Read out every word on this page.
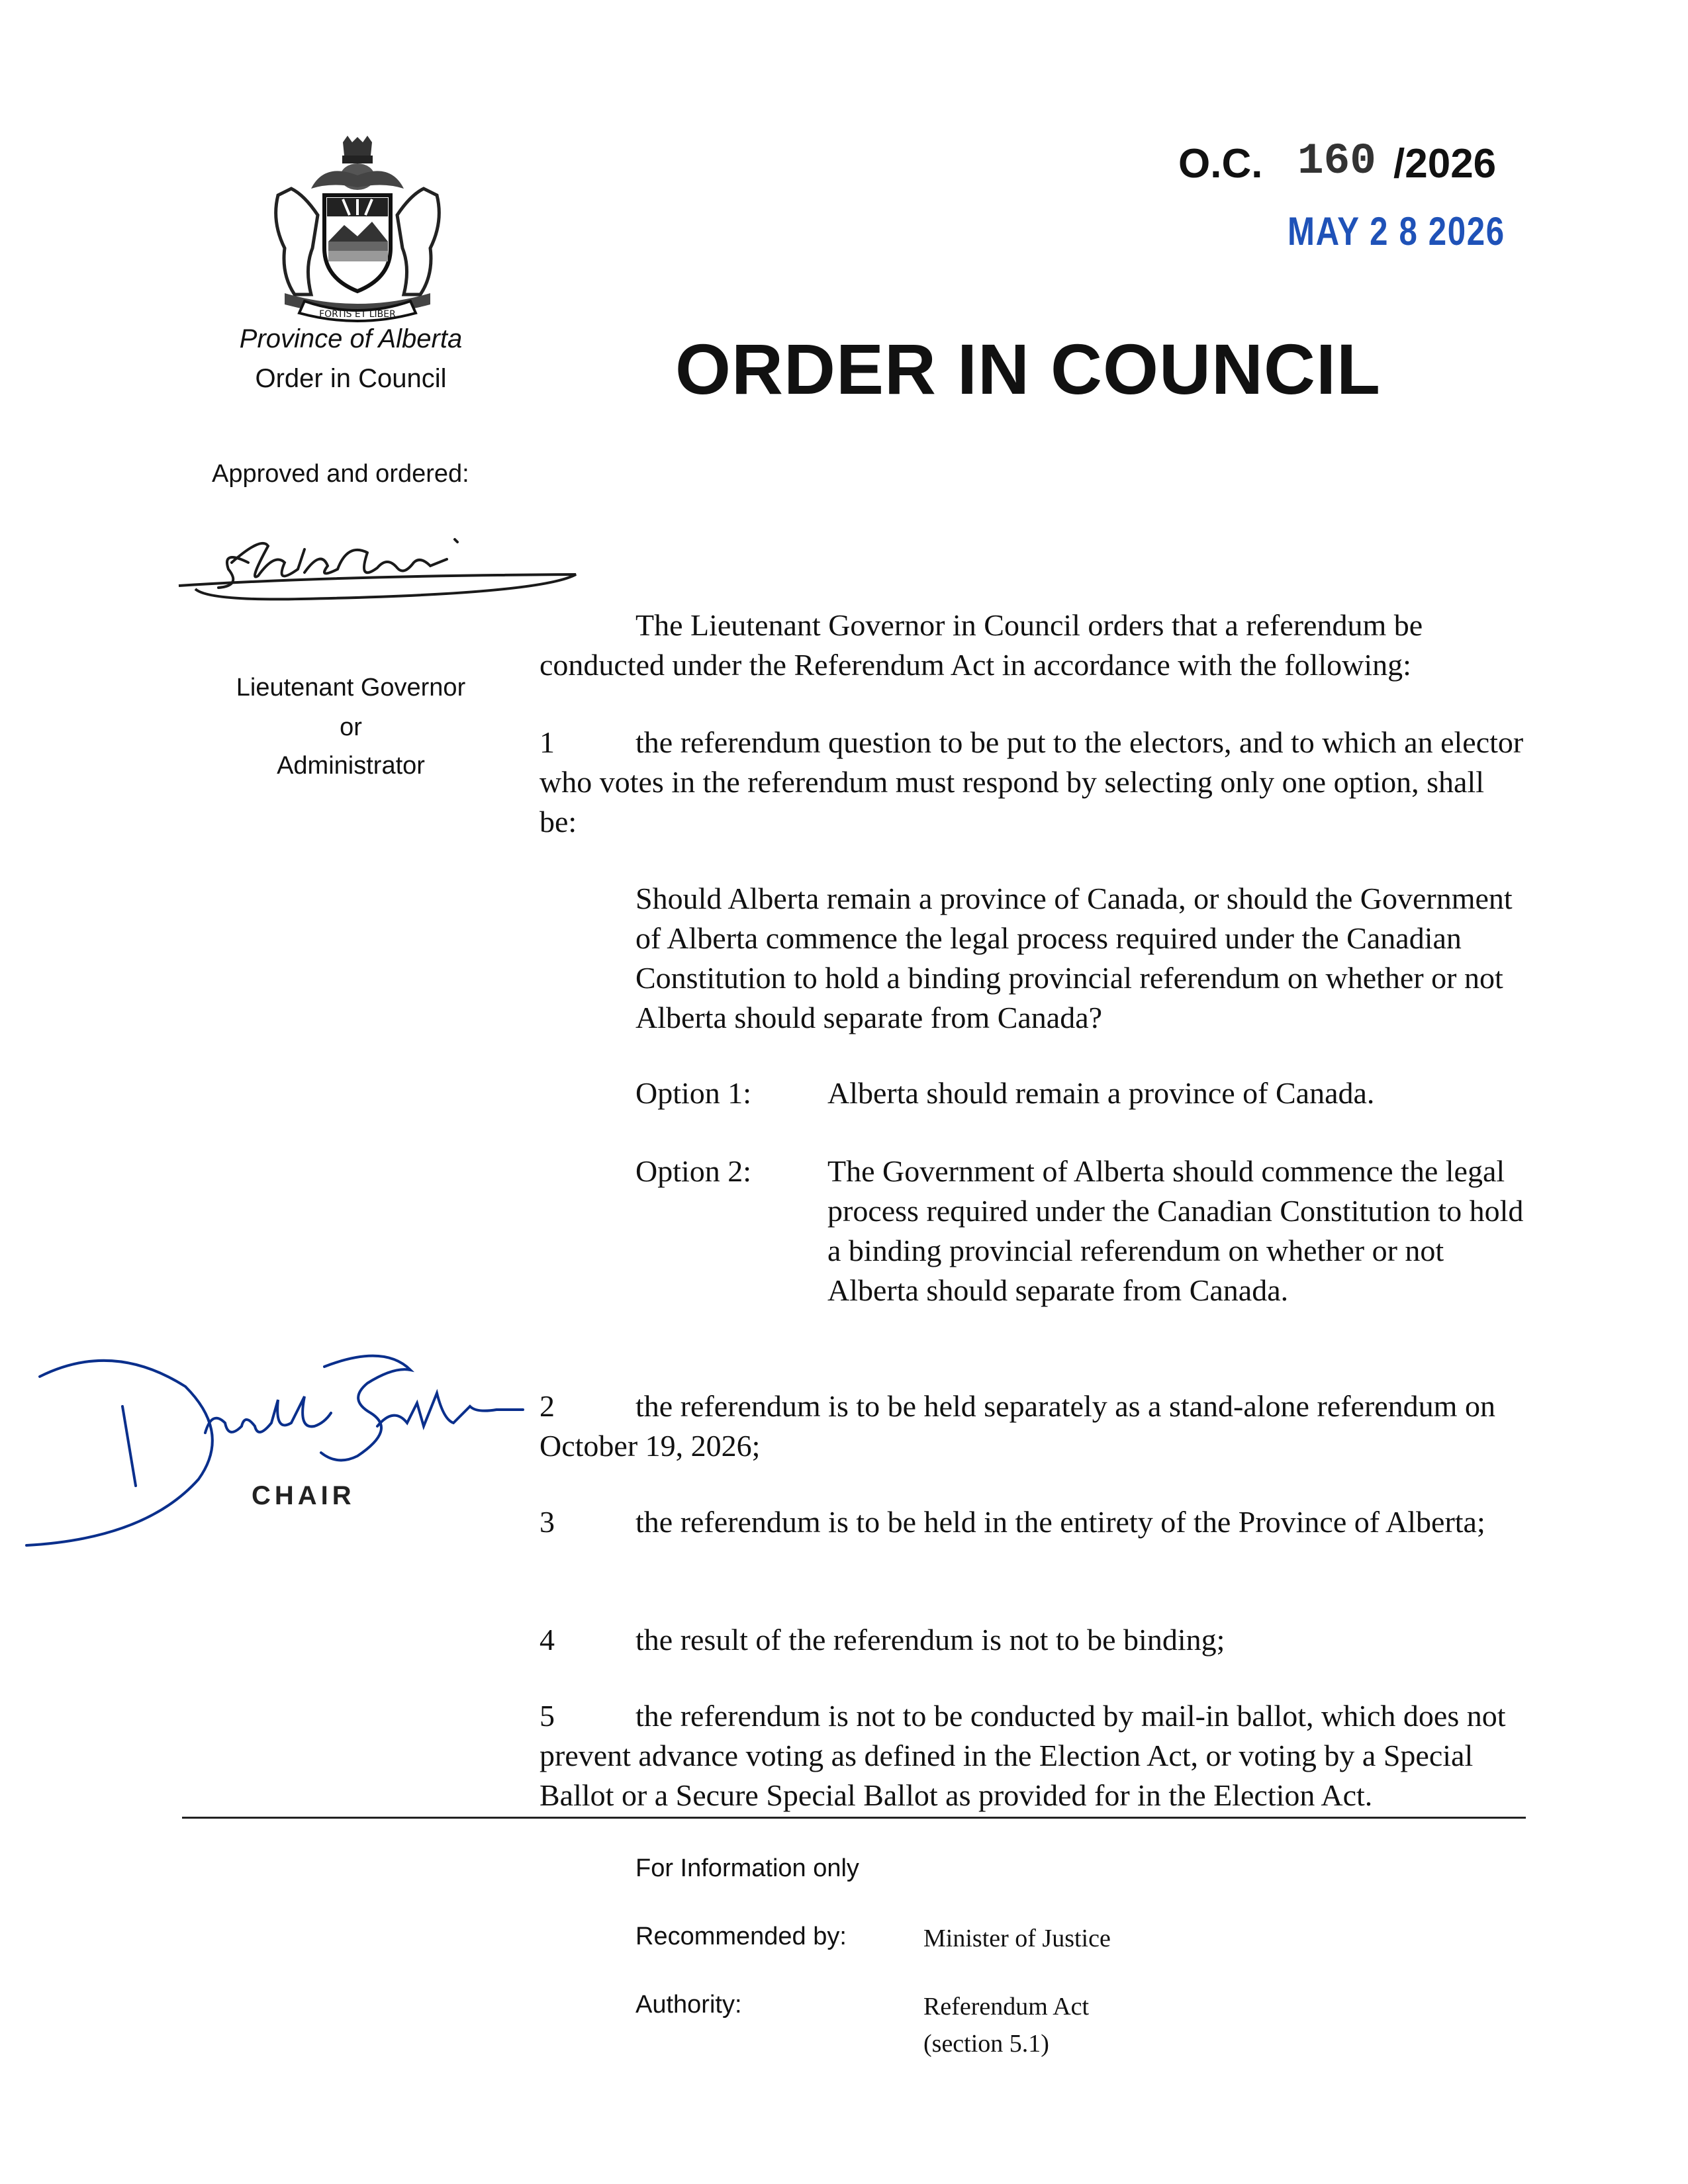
FORTIS ET LIBER
Province of Alberta
Order in Council
O.C. 160 /2026
MAY 2 8 2026
ORDER IN COUNCIL
Approved and ordered:
Lieutenant Governor
or
Administrator
CHAIR
The Lieutenant Governor in Council orders that a referendum be conducted under the Referendum Act in accordance with the following:
1	the referendum question to be put to the electors, and to which an elector who votes in the referendum must respond by selecting only one option, shall be:
Should Alberta remain a province of Canada, or should the Government of Alberta commence the legal process required under the Canadian Constitution to hold a binding provincial referendum on whether or not Alberta should separate from Canada?
Option 1:	Alberta should remain a province of Canada.
Option 2:	The Government of Alberta should commence the legal process required under the Canadian Constitution to hold a binding provincial referendum on whether or not Alberta should separate from Canada.
2	the referendum is to be held separately as a stand-alone referendum on October 19, 2026;
3	the referendum is to be held in the entirety of the Province of Alberta;
4	the result of the referendum is not to be binding;
5	the referendum is not to be conducted by mail-in ballot, which does not prevent advance voting as defined in the Election Act, or voting by a Special Ballot or a Secure Special Ballot as provided for in the Election Act.
For Information only
Recommended by:	Minister of Justice
Authority:	Referendum Act
(section 5.1)
